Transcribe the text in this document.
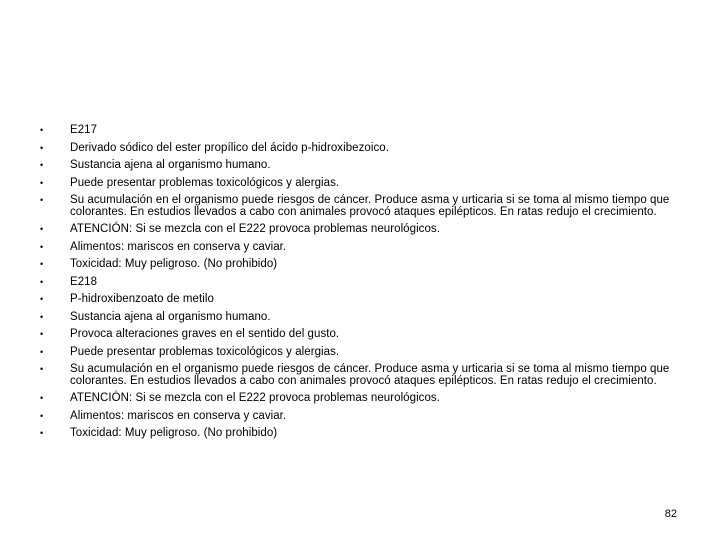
•	E217
•	Derivado sódico del ester propílico del ácido p-hidroxibezoico.
•	Sustancia ajena al organismo humano.
•	Puede presentar problemas toxicológicos y alergias.
•	Su acumulación en el organismo puede riesgos de cáncer. Produce asma y urticaria si se toma al mismo tiempo que colorantes. En estudios llevados a cabo con animales provocó ataques epilépticos. En ratas redujo el crecimiento.
•	ATENCIÓN: Si se mezcla con el E222 provoca problemas neurológicos.
•	Alimentos: mariscos en conserva y caviar.
•	Toxicidad: Muy peligroso. (No prohibido)
•	E218
•	P-hidroxibenzoato de metilo
•	Sustancia ajena al organismo humano.
•	Provoca alteraciones graves en el sentido del gusto.
•	Puede presentar problemas toxicológicos y alergias.
•	Su acumulación en el organismo puede riesgos de cáncer. Produce asma y urticaria si se toma al mismo tiempo que colorantes. En estudios llevados a cabo con animales provocó ataques epilépticos. En ratas redujo el crecimiento.
•	ATENCIÓN: Si se mezcla con el E222 provoca problemas neurológicos.
•	Alimentos: mariscos en conserva y caviar.
•	Toxicidad: Muy peligroso. (No prohibido)
82
